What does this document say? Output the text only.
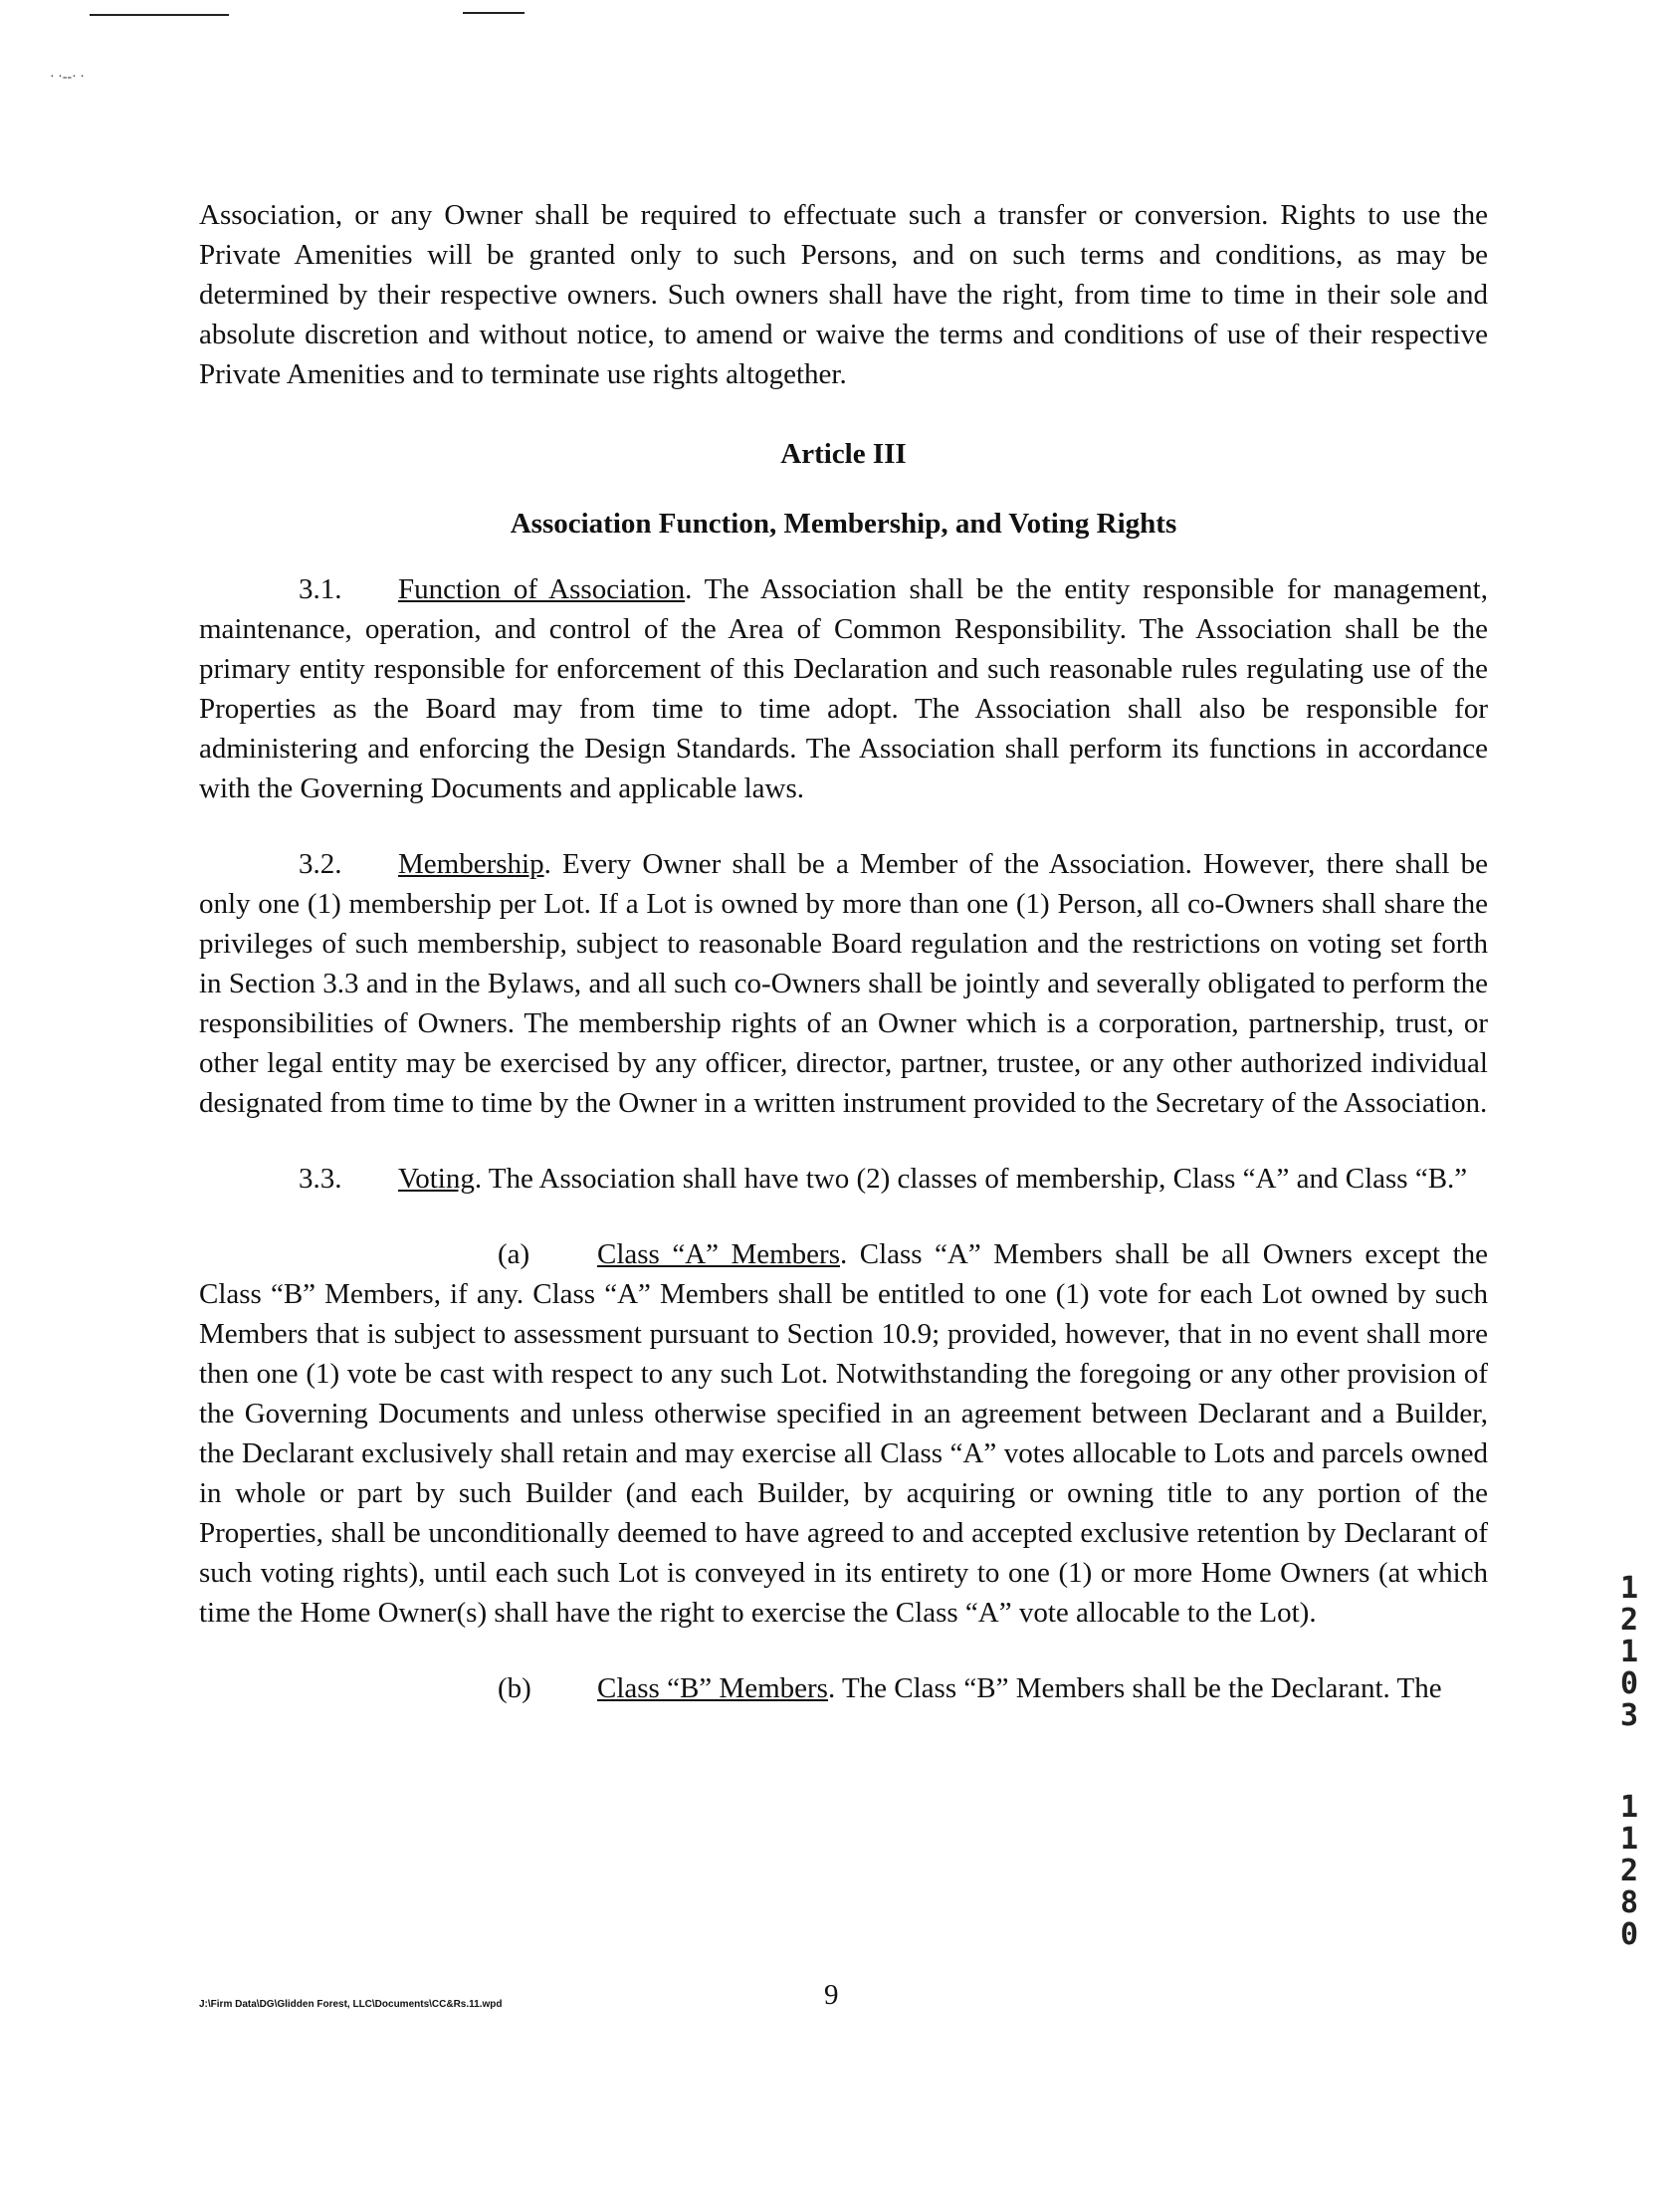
· ·‑‑· ·

Association, or any Owner shall be required to effectuate such a transfer or conversion. Rights to use the Private Amenities will be granted only to such Persons, and on such terms and conditions, as may be determined by their respective owners. Such owners shall have the right, from time to time in their sole and absolute discretion and without notice, to amend or waive the terms and conditions of use of their respective Private Amenities and to terminate use rights altogether.

Article III

Association Function, Membership, and Voting Rights

3.1. Function of Association. The Association shall be the entity responsible for management, maintenance, operation, and control of the Area of Common Responsibility. The Association shall be the primary entity responsible for enforcement of this Declaration and such reasonable rules regulating use of the Properties as the Board may from time to time adopt. The Association shall also be responsible for administering and enforcing the Design Standards. The Association shall perform its functions in accordance with the Governing Documents and applicable laws.

3.2. Membership. Every Owner shall be a Member of the Association. However, there shall be only one (1) membership per Lot. If a Lot is owned by more than one (1) Person, all co-Owners shall share the privileges of such membership, subject to reasonable Board regulation and the restrictions on voting set forth in Section 3.3 and in the Bylaws, and all such co-Owners shall be jointly and severally obligated to perform the responsibilities of Owners. The membership rights of an Owner which is a corporation, partnership, trust, or other legal entity may be exercised by any officer, director, partner, trustee, or any other authorized individual designated from time to time by the Owner in a written instrument provided to the Secretary of the Association.

3.3. Voting. The Association shall have two (2) classes of membership, Class “A” and Class “B.”

(a) Class “A” Members. Class “A” Members shall be all Owners except the Class “B” Members, if any. Class “A” Members shall be entitled to one (1) vote for each Lot owned by such Members that is subject to assessment pursuant to Section 10.9; provided, however, that in no event shall more then one (1) vote be cast with respect to any such Lot. Notwithstanding the foregoing or any other provision of the Governing Documents and unless otherwise specified in an agreement between Declarant and a Builder, the Declarant exclusively shall retain and may exercise all Class “A” votes allocable to Lots and parcels owned in whole or part by such Builder (and each Builder, by acquiring or owning title to any portion of the Properties, shall be unconditionally deemed to have agreed to and accepted exclusive retention by Declarant of such voting rights), until each such Lot is conveyed in its entirety to one (1) or more Home Owners (at which time the Home Owner(s) shall have the right to exercise the Class “A” vote allocable to the Lot).

(b) Class “B” Members. The Class “B” Members shall be the Declarant. The

9
J:\Firm Data\DG\Glidden Forest, LLC\Documents\CC&Rs.11.wpd
1
2
1
0
3
1
1
2
8
0
